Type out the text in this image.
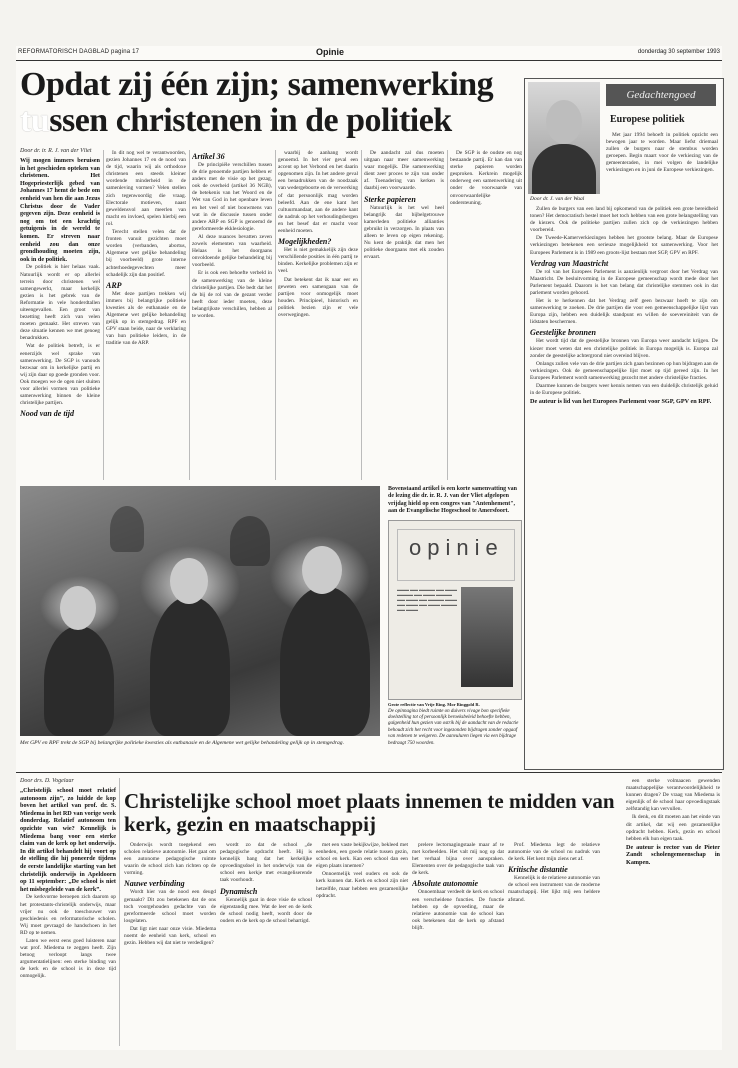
REFORMATORISCH DAGBLAD pagina 17	Opinie	donderdag 30 september 1993
Opdat zij één zijn; samenwerking
tussen christenen in de politiek
Door dr. ir. R. J. van der Vliet

Wij mogen immers beruisen in het geschieden opteken van christenen. Het Hogepriesterlijk gebed van Johannes 17 hemt de bede om eenheid van hen die aan Jezus Christus door de Vader gegeven zijn. Deze eenheid is nog om tot een krachtig getuigenis in de wereld te komen. Er streven naar eenheid zou dan onze grondhouding moeten zijn, ook in de politiek.

De politiek is hier helaas vaak. Natuurlijk wordt er op allerlei terrein door christenen wel samengewerkt, maar kerkelijk gezien is het gebrek van de Reformatie in vele honderdtallen uiteengevallen. Een groot van bezetting heeft zich van velen moeten gemaakt. Het streven van deze situatie kennen we met genoeg benadrukken.

Wat de politiek betreft, is er eenerzijds wel sprake van samenwerking. De SGP is vanouds bezwaar om in kerkelijke partij en wij zijn daar op goede gronden voor. Ook moegen we de ogen niet sluiten voor allerlei vormen van politieke samenwerking binnen de kleine christelijke partijen.

Nood van de tijd

In dit nog wel te verantwoorden, gezien Johannes 17 en de nood van de tijd, waarin wij als orthodoxe christenen een steeds kleiner wordende minderheid in de samenleving vormen? Velen stellen zich tegenwoordig die vraag. Electorale motieven, naast geweldensvol aan meerlen van macht en invloed, spelen hierbij een rol.

Terecht stellen velen dat de fronten vanuit gezichten moet worden (verbanden, abortus, Algemene wet gelijke behandeling bij voorbeeld) grote interne achterhoedegevechten meer schadelijk zijn dan positief.

ARP

Met deze partijen trekken wij immers bij belangrijke politieke kwesties als de euthanasie en de Algemene wet gelijke behandeling gelijk op in stemgedrag. RPF en GPV staan beide, naar de verklaring van hun politieke leiders, in de traditie van de ARP.

Artikel 36

De principiële verschillen tussen de drie genoemde partijen hebben er anders met de visie op het gezag, ook de overheid (artikel 36 NGB), de betekenis van het Woord en de Wet van God in het openbare leven en het veel of niet bouwmens van wat in de discussie tussen onder andere ARP en SGP is genoemd de gereformeerde ekklesiologie.

Al deze nuances bevatten zeven zowels elementen van waarheid. Helaas is het doorgaans onvoldoende gelijke behandeling bij voorbeeld.

Er is ook een behoefte verbeld in de samenwerking van de kleine christelijke partijen. Die bedt dat het de bij de rol van de gezant verder heeft door ieder moeten, deze belangrijkste verschillen, hebben al te worden.

waarbij de aanhang wordt genoemd. In het vier geval een accent op het Verbond en het daarin opgenomen zijn. In het andere geval een benadrukken van de noodzaak van wedergeboorte en de verwerking of dat persoonlijk mag worden beleefd. Aan de ene kant het cultuurmandaat, aan de andere kant de nadruk op het verhoudingsbergen en het besef dat er macht voor eenheid moeten.

Mogelijkheden?

Het is niet gemakkelijk zijn deze verschillende posities in één partij te binden. Kerkelijke problemen zijn er veel.

Dat betekent dat ik naar eer en geweten een samengaan van de partijen voor onmogelijk moet houden. Principieel, historisch en politiek bezien zijn er vele overwegingen.

De aandacht zal dus moeten uitgaan naar meer samenwerking waar mogelijk. Die samenwerking dient zeer proces te zijn van onder af. Toenadering van kerken is daarbij een voorwaarde.

Sterke papieren

Natuurlijk is het wel heel belangrijk dat bijbelgetrouwe kamerleden politieke allianties gebruikt in verzorgen. In plaats van alleen te leven op eigen rekening. Nu kent de praktijk dat men het politieke doorgaans met elk zouden ervaart.

De SGP is de oudste en nog bestaande partij. Er kan dan van sterke papieren worden gesproken. Kerkrein mogelijk onderweg een samenwerking uit onder de voorwaarde van onvoorwaardelijke ondersteuning.

Met GPV en RPF trekt de SGP bij belangrijke politieke kwesties als euthanasie en de Algemene wet gelijke behandeling gelijk op in stemgedrag.
Bovenstaand artikel is een korte samenvatting van de lezing die dr. ir. R. J. van der Vliet afgelopen vrijdag hield op een congres van "Antenhement", aan de Evangelische Hogeschool te Amersfoort.
opinie
▬▬▬ ▬▬ ▬▬▬▬ ▬▬ ▬▬▬ ▬▬▬▬ ▬▬ ▬▬▬ ▬▬▬▬ ▬▬ ▬▬▬ ▬▬ ▬▬▬▬ ▬▬▬ ▬▬ ▬▬▬ ▬▬ ▬▬▬ ▬▬▬▬ ▬▬ ▬▬▬
Grote reflectie van Vrije Ring. Mor Ringgold R.
De opinnagina biedt ruimte on duivers vivage bon specifieke doelstelling tot of persoonlijk beroeksbeleid behoefte hebben, galgenheid hun gezien van ostrik bij de aandacht van de redactie behoudt zich het recht voor ingezonden bijdragen zonder opgaaf van redenen te weigeren. De aanvuluren liegen via een bijdrage bedraagt 750 woorden.
Gedachtengoed
Europese politiek
Door dr. J. van der Waal

Met jaar 1994 behoeft in politiek opzicht een bewogen jaar te worden. Maar liefst driemaal zullen de burgers naar de stembus worden geroepen. Begin maart voor de verkiezing van de gemeenteraden, in mei volgen de landelijke verkiezingen en in juni de Europese verkiezingen.

Zullen de burgers van een land bij opkomend van de politiek een grote bereidheid tonen? Het democratisch bestel moet het toch hebben van een grote belangstelling van de kiezers. Ook de politieke partijen zullen zich op de verkiezingen hebben voorbereid.

De Tweede-Kamerverkiezingen hebben het grootste belang. Maar de Europese verkiezingen betekenen een serieuze mogelijkheid tot samenwerking. Voor het Europees Parlement is in 1989 een groots-lijst bestaan met SGP, GPV en RPF.

Verdrag van Maastricht

De rol van het Europees Parlement is aanzienlijk vergroot door het Verdrag van Maastricht. De besluitvorming in de Europese gemeenschap wordt mede door het Parlement bepaald. Daarom is het van belang dat christelijke stemmen ook in dat parlement worden gehoord.

Het is te herkennen dat het Verdrag zelf geen bezwaar hoeft te zijn om samenwerking te zoeken. De drie partijen die voor een gemeenschappelijke lijst van Europa zijn, hebben een duidelijk standpunt en willen de soevereiniteit van de lidstaten beschermen.

Geestelijke bronnen

Het wordt tijd dat de geestelijke bronnen van Europa weer aandacht krijgen. De kiezer moet weten dat een christelijke politiek in Europa mogelijk is. Europa zal zonder de geestelijke achtergrond niet overeind blijven.

Onlangs zullen vele van de drie partijen zich gaan bezinnen op hun bijdragen aan de verkiezingen. Ook de gemeenschappelijke lijst moet op tijd gereed zijn. In het Europees Parlement wordt samenwerking gezocht met andere christelijke fracties.

Daarmee kunnen de burgers weer kennis nemen van een duidelijk christelijk geluid in de Europese politiek.

De auteur is lid van het Europees Parlement voor SGP, GPV en RPF.

Door drs. D. Vogelaar

„Christelijk school moet relatief autonoom zijn”, zo luidde de kop boven het artikel van prof. dr. S. Miedema in het RD van vorige week donderdag. Relatief autonoom ten opzichte van wie? Kennelijk is Miedema bang voor een sterke claim van de kerk op het onderwijs. In dit artikel behandelt hij voort op de stelling die hij poneerde tijdens de eerste landelijke starting van het christelijk onderwijs in Apeldoorn op 11 september: „De school is niet het misbegeleide van de kerk”.

De kerkvorme beroepen zich daarom op het protestants-christelijk onderwijs, maar vrijer nu ook de toeschouwer van geschiedenis en reformatorische scholen. Wij moet gevraagd de handschoen in het RD op te nemen.

Laten we eerst eens goed luisteren naar wat prof. Miedema te zeggen heeft. Zijn betoog verloopt langs twee argumentatielijnen: een sterke binding van de kerk en de school is in deze tijd onmogelijk.

Christelijke school moet plaats innemen te midden van kerk, gezin en maatschappij

Onderwijs wordt toegekend een scholen relatieve autonomie. Het gaat om een autonome pedagogische ruimte waarin de school zich kan richten op de vorming.

Nauwe verbinding

Wordt hier van de nood een deugd gemaakt? Dit zou betekenen dat de ons toch voorgehouden gedachte van de gereformeerde school moet worden losgelaten.

Dat ligt niet naar onze visie. Miedema noemt de eenheid van kerk, school en gezin. Hebben wij dat niet te verdedigen?

wordt zo dat de school „de pedagogische opdracht heeft. Hij is kennelijk bang dat het kerkelijke opvoedingsdoel in het onderwijs van de school een kerkje met evangeliserende taak voorhoudt.

Dynamisch

Kennelijk gaat in deze visie de school eigenstandig mee. Wat de leer en de kerk de school nodig heeft, wordt door de ouders en de kerk op de school behartigd.

met een vaste bekijkwijze, bekleed met eenheden, een goede relatie tussen gezin, school en kerk. Kan een school dan een eigen plaats innemen?

Onnoemelijk veel ouders en ook de kerk kunnen dat. Kerk en school zijn niet hetzelfde, maar hebben een gezamenlijke opdracht.

prelere lectornagingstaale maar af te met korbeelden. Het valt mij nog op dat het verhaal bijna over aanspraken. Elementen over de pedagogische taak van de kerk.

Absolute autonomie

Onnoembaar verdeelt de kerk en school een verscheidene functies. De functie hebben op de opvoeding, maar de relatieve autonomie van de school kan ook betekenen dat de kerk op afstand blijft.

Prof. Miedema legt de relatieve autonomie van de school nu nadruk van de kerk. Het kent mijn ziens net af.

Kritische distantie

Kennelijk is de relatieve autonomie van de school een instrument van de moderne maatschappij. Het lijkt mij een heldere afstand.

een sterke volmaacen gewenden maatschappelijke verantwoordelijkheid te kunnen dragen? De vraag van Miedema is eigenlijk of de school haar opvoedingstaak zelfstandig kan vervullen.

Ik denk, en dit moeten aan het einde van dit artikel, dat wij een gezamenlijke opdracht hebben. Kerk, gezin en school hebben elk hun eigen taak.

De auteur is rector van de Pieter Zandt scholengemeenschap in Kampen.
